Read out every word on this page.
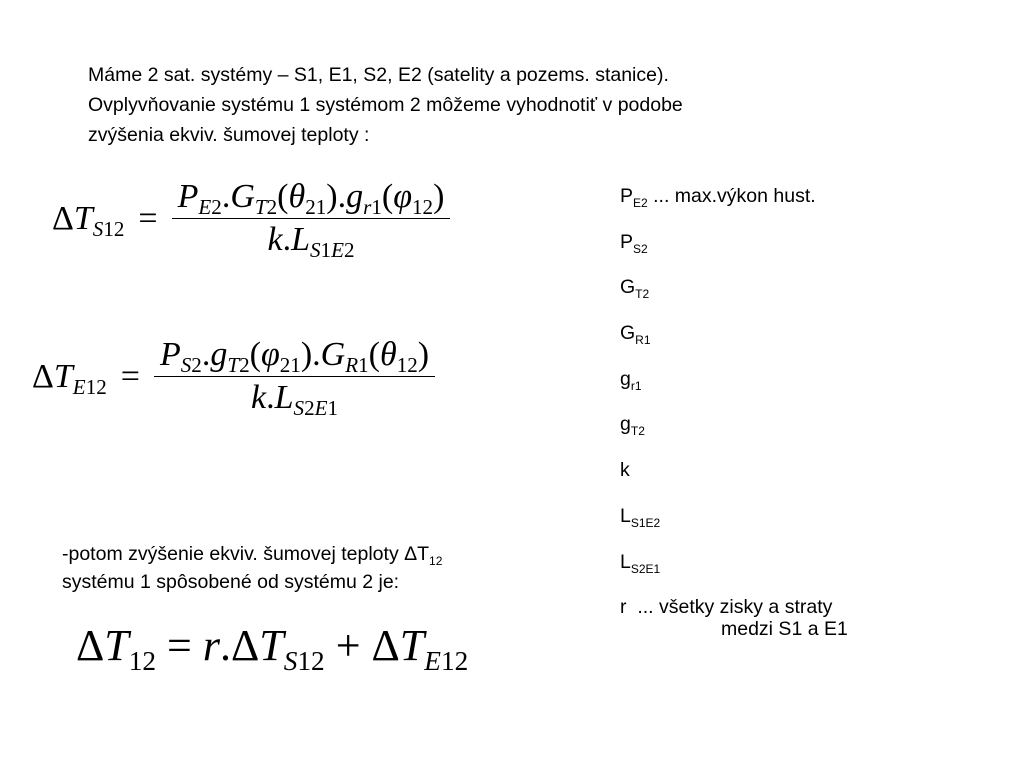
Máme 2 sat. systémy – S1, E1, S2, E2 (satelity a pozems. stanice).
Ovplyvňovanie systému 1 systémom 2 môžeme vyhodnotiť v podobe
zvýšenia ekviv. šumovej teploty :
$\Delta T_{S12} = \frac{P_{E2}.G_{T2}(\theta_{21}).g_{r1}(\varphi_{12})}{k.L_{S1E2}}$
$\Delta T_{E12} = \frac{P_{S2}.g_{T2}(\varphi_{21}).G_{R1}(\theta_{12})}{k.L_{S2E1}}$
$P_{E2}$ ... max.výkon hust.
$P_{S2}$
$G_{T2}$
$G_{R1}$
$g_{r1}$
$g_{T2}$
k
$L_{S1E2}$
$L_{S2E1}$
r  ... všetky zisky a straty
medzi S1 a E1
-potom zvýšenie ekviv. šumovej teploty $\Delta T_{12}$
systému 1 spôsobené od systému 2 je:
$\Delta T_{12} = r.\Delta T_{S12} + \Delta T_{E12}$
